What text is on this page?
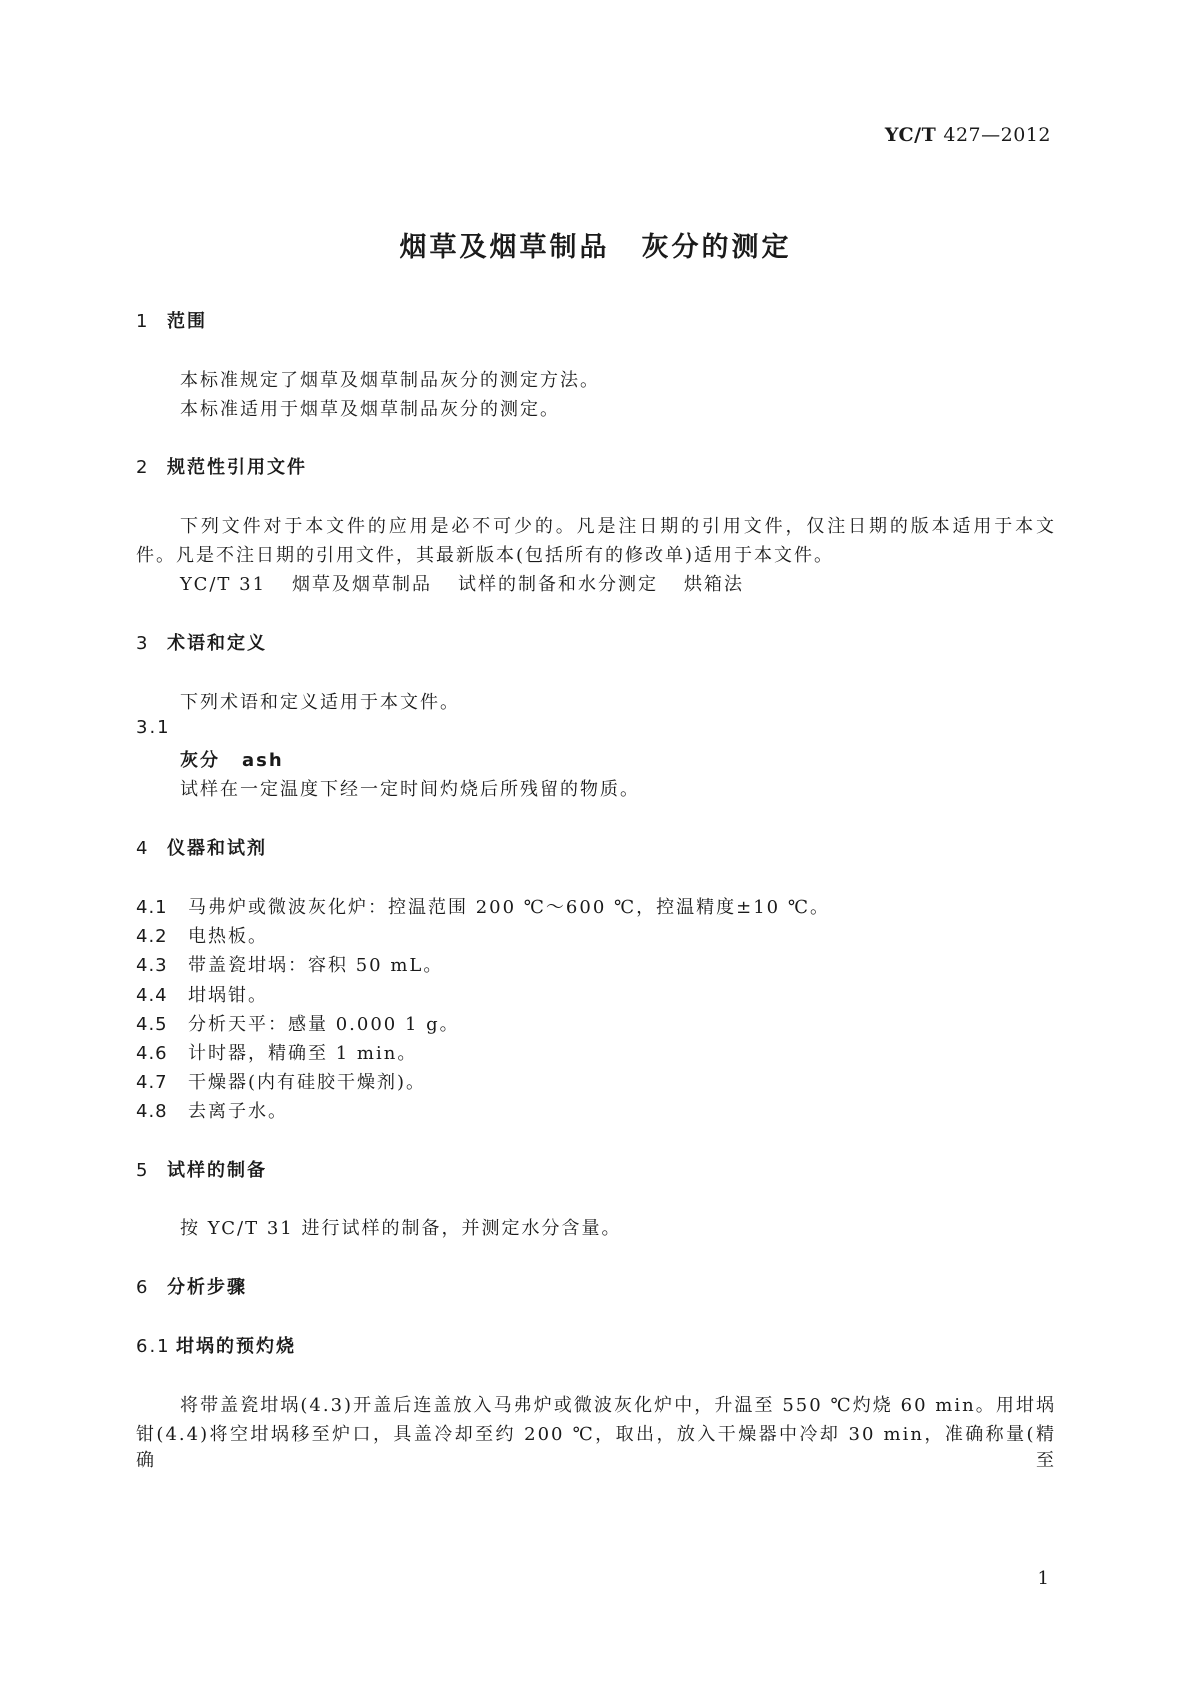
YC/T 427—2012
烟草及烟草制品 灰分的测定
1 范围
本标准规定了烟草及烟草制品灰分的测定方法。
本标准适用于烟草及烟草制品灰分的测定。
2 规范性引用文件
下列文件对于本文件的应用是必不可少的。凡是注日期的引用文件，仅注日期的版本适用于本文
件。凡是不注日期的引用文件，其最新版本(包括所有的修改单)适用于本文件。
YC/T 31 烟草及烟草制品 试样的制备和水分测定 烘箱法
3 术语和定义
下列术语和定义适用于本文件。
3.1
灰分 ash
试样在一定温度下经一定时间灼烧后所残留的物质。
4 仪器和试剂
4.1 马弗炉或微波灰化炉：控温范围 200 ℃～600 ℃，控温精度±10 ℃。
4.2 电热板。
4.3 带盖瓷坩埚：容积 50 mL。
4.4 坩埚钳。
4.5 分析天平：感量 0.000 1 g。
4.6 计时器，精确至 1 min。
4.7 干燥器(内有硅胶干燥剂)。
4.8 去离子水。
5 试样的制备
按 YC/T 31 进行试样的制备，并测定水分含量。
6 分析步骤
6.1 坩埚的预灼烧
将带盖瓷坩埚(4.3)开盖后连盖放入马弗炉或微波灰化炉中，升温至 550 ℃灼烧 60 min。用坩埚
钳(4.4)将空坩埚移至炉口，具盖冷却至约 200 ℃，取出，放入干燥器中冷却 30 min，准确称量(精确至
1
